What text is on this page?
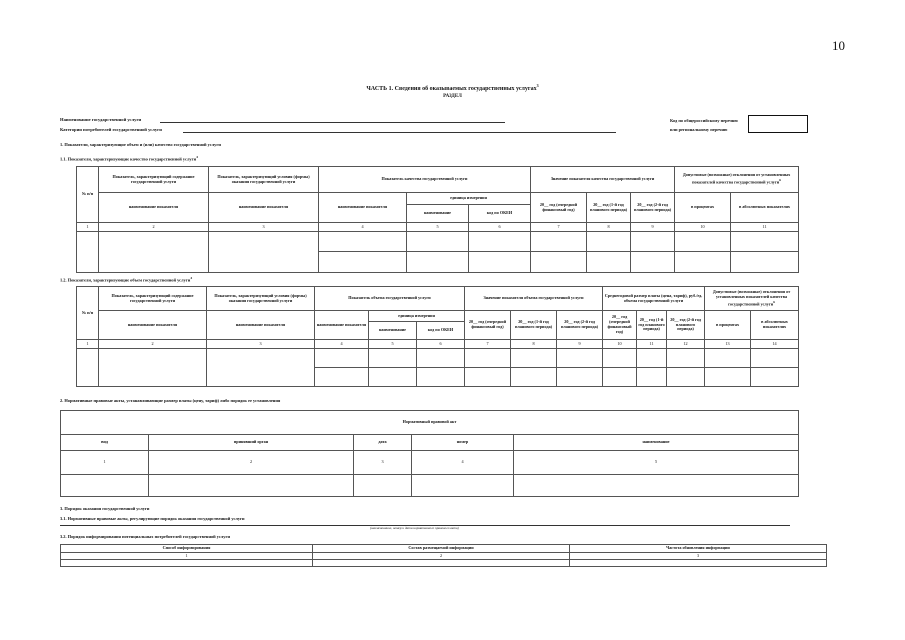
10
ЧАСТЬ 1. Сведения об оказываемых государственных услугах$^3$
РАЗДЕЛ
Наименование государственной услуги
Категории потребителей государственной услуги
Код по общероссийскому перечню
или региональному перечню
1. Показатели, характеризующие объем и (или) качество государственной услуги
1.1. Показатели, характеризующие качество государственной услуги$^4$
№ п/п	Показатель, характеризующий содержание государственной услуги	Показатель, характеризующий условия (формы) оказания государственной услуги	Показатель качества государственной услуги			Значение показателя качества государственной услуги			Допустимые (возможные) отклонения от установленных показателей качества государственной услуги$^6$
	наименование показателя	наименование показателя	наименование показателя	единица измерения		20__ год (очередной финансовый год)	20__ год (1-й год планового периода)	20__ год (2-й год планового периода)	в процентах	в абсолютных показателях
				наименование	код по ОКЕИ					
1	2	3	4	5	6	7	8	9	10	11

1.2. Показатели, характеризующие объем государственной услуги$^4$
№ п/п	Показатель, характеризующий содержание государственной услуги	Показатель, характеризующий условия (формы) оказания государственной услуги	Показатель объема государственной услуги			Значение показателя объема государственной услуги			Среднегодовой размер платы (цена, тариф), руб./ед. объема государственной услуги			Допустимые (возможные) отклонения от установленных показателей качества государственной услуги$^6$
	наименование показателя	наименование показателя	наименование показателя	единица измерения		20__ год (очередной финансовый год)	20__ год (1-й год планового периода)	20__ год (2-й год планового периода)	20__ год (очередной финансовый год)	20__ год (1-й год планового периода)	20__ год (2-й год планового периода)	в процентах	в абсолютных показателях
				наименование	код по ОКЕИ								
1	2	3	4	5	6	7	8	9	10	11	12	13	14

2. Нормативные правовые акты, устанавливающие размер платы (цену, тариф) либо порядок ее установления
Нормативный правовой акт				
вид	принявший орган	дата	номер	наименование
1	2	3	4	5

3. Порядок оказания государственной услуги
3.1. Нормативные правовые акты, регулирующие порядок оказания государственной услуги
(наименование, номер и дата нормативного правового акта)
3.2. Порядок информирования потенциальных потребителей государственной услуги
Способ информирования	Состав размещаемой информации	Частота обновления информации
1	2	3
